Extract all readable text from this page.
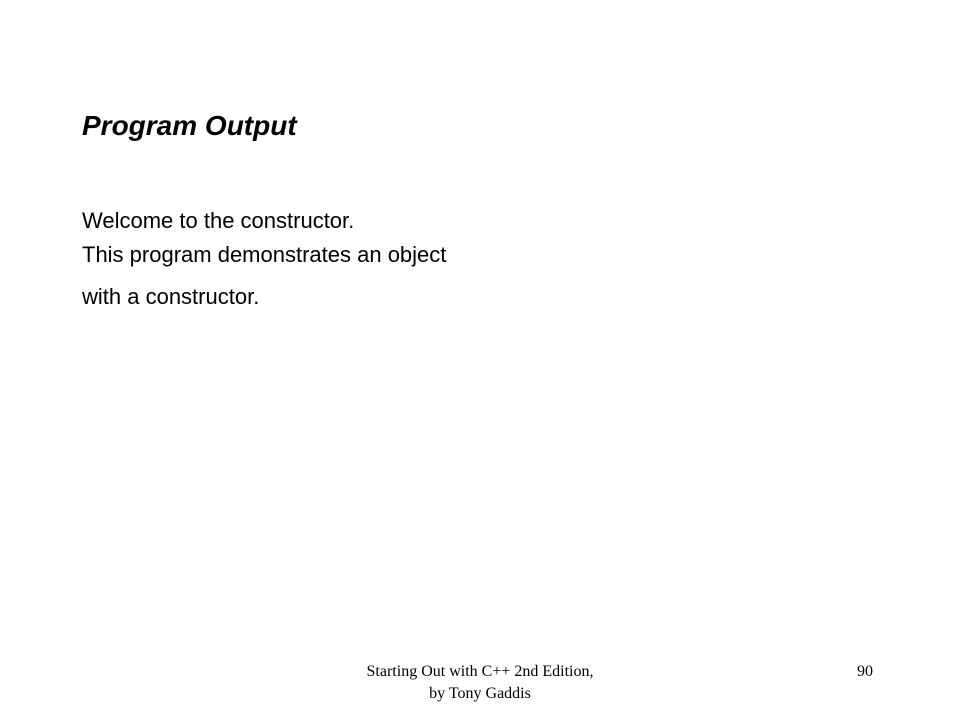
Program Output
Welcome to the constructor.
This program demonstrates an object
with a constructor.
Starting Out with C++ 2nd Edition,
by Tony Gaddis
90
